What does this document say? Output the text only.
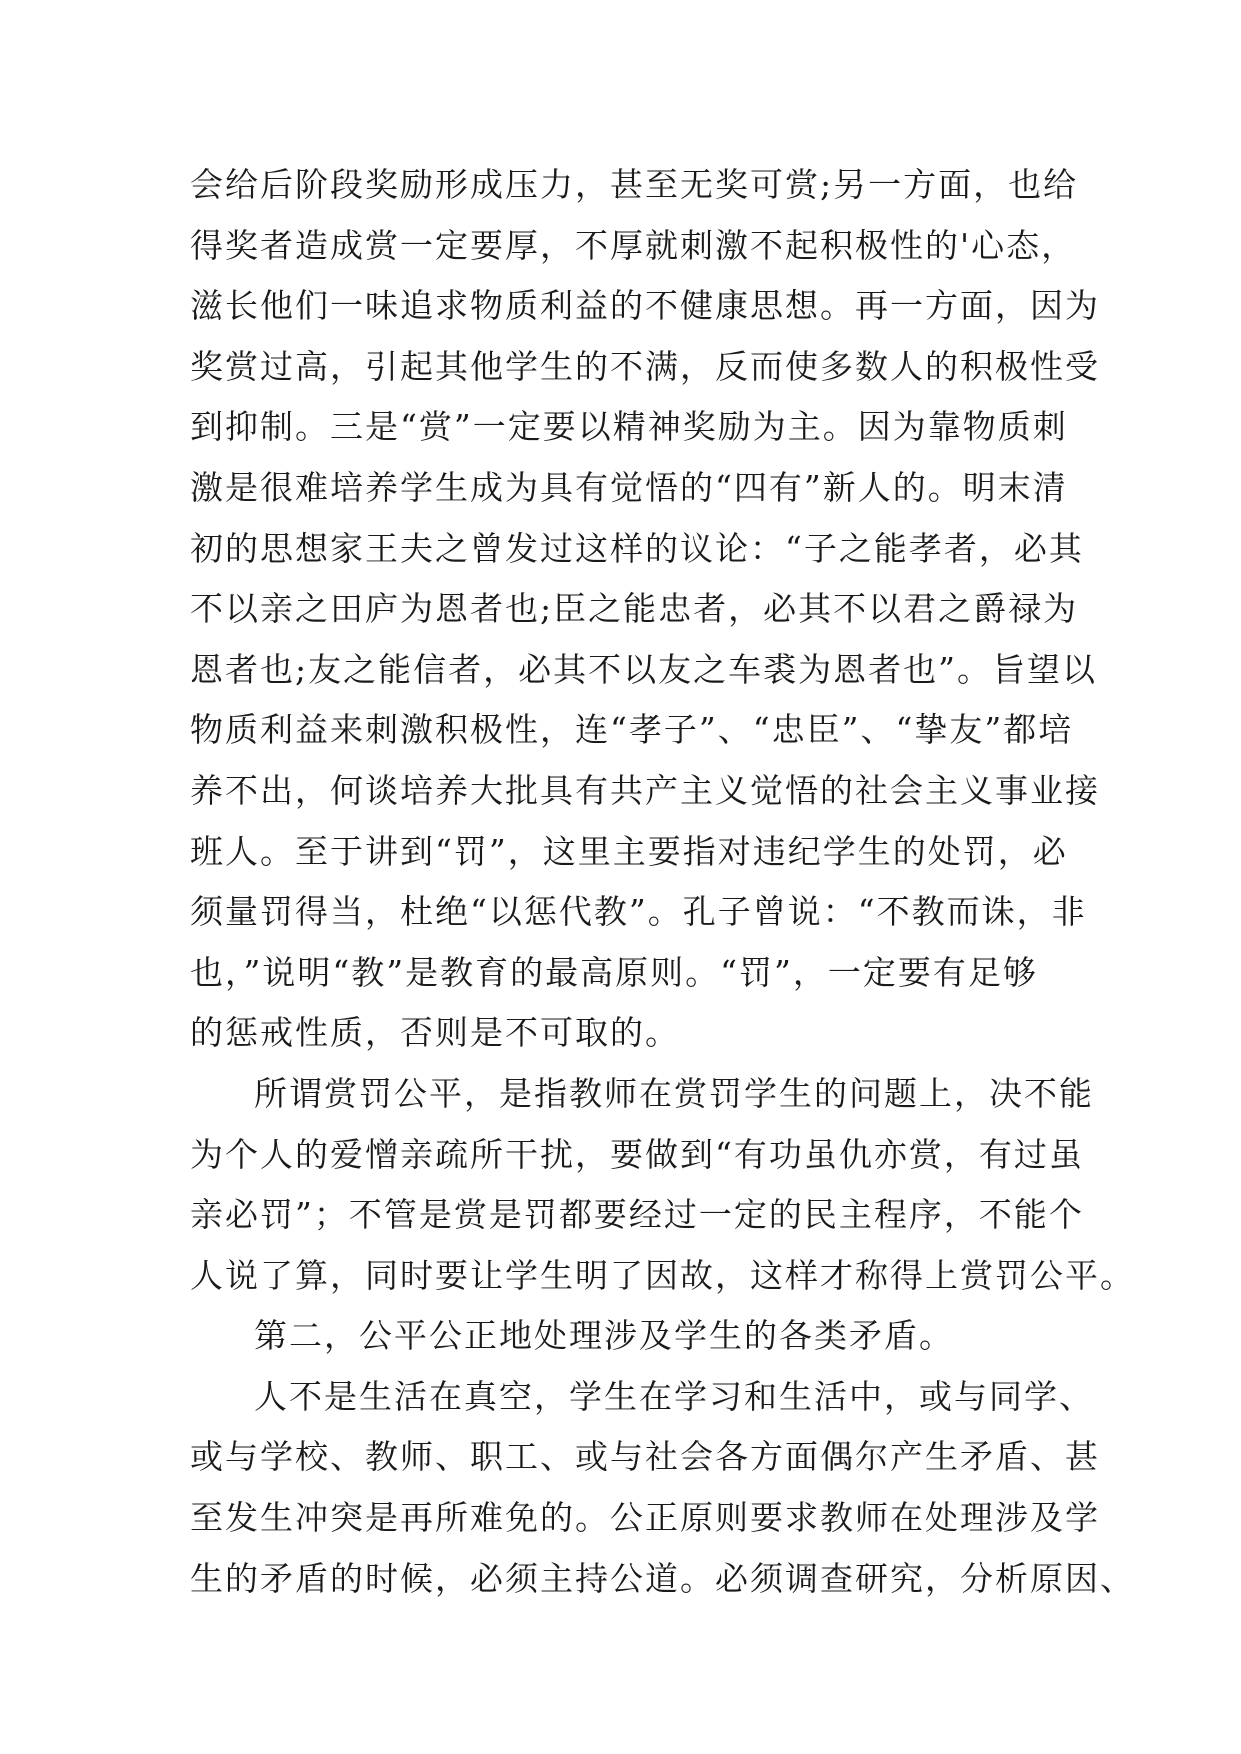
会给后阶段奖励形成压力，甚至无奖可赏;另一方面，也给
得奖者造成赏一定要厚，不厚就刺激不起积极性的'心态，
滋长他们一味追求物质利益的不健康思想。再一方面，因为
奖赏过高，引起其他学生的不满，反而使多数人的积极性受
到抑制。三是“赏”一定要以精神奖励为主。因为靠物质刺
激是很难培养学生成为具有觉悟的“四有”新人的。明末清
初的思想家王夫之曾发过这样的议论：“子之能孝者，必其
不以亲之田庐为恩者也;臣之能忠者，必其不以君之爵禄为
恩者也;友之能信者，必其不以友之车裘为恩者也”。旨望以
物质利益来刺激积极性，连“孝子”、“忠臣”、“挚友”都培
养不出，何谈培养大批具有共产主义觉悟的社会主义事业接
班人。至于讲到“罚”，这里主要指对违纪学生的处罚，必
须量罚得当，杜绝“以惩代教”。孔子曾说：“不教而诛，非
也，”说明“教”是教育的最高原则。“罚”，一定要有足够
的惩戒性质，否则是不可取的。
所谓赏罚公平，是指教师在赏罚学生的问题上，决不能
为个人的爱憎亲疏所干扰，要做到“有功虽仇亦赏，有过虽
亲必罚”；不管是赏是罚都要经过一定的民主程序，不能个
人说了算，同时要让学生明了因故，这样才称得上赏罚公平。
第二，公平公正地处理涉及学生的各类矛盾。
人不是生活在真空，学生在学习和生活中，或与同学、
或与学校、教师、职工、或与社会各方面偶尔产生矛盾、甚
至发生冲突是再所难免的。公正原则要求教师在处理涉及学
生的矛盾的时候，必须主持公道。必须调查研究，分析原因、
